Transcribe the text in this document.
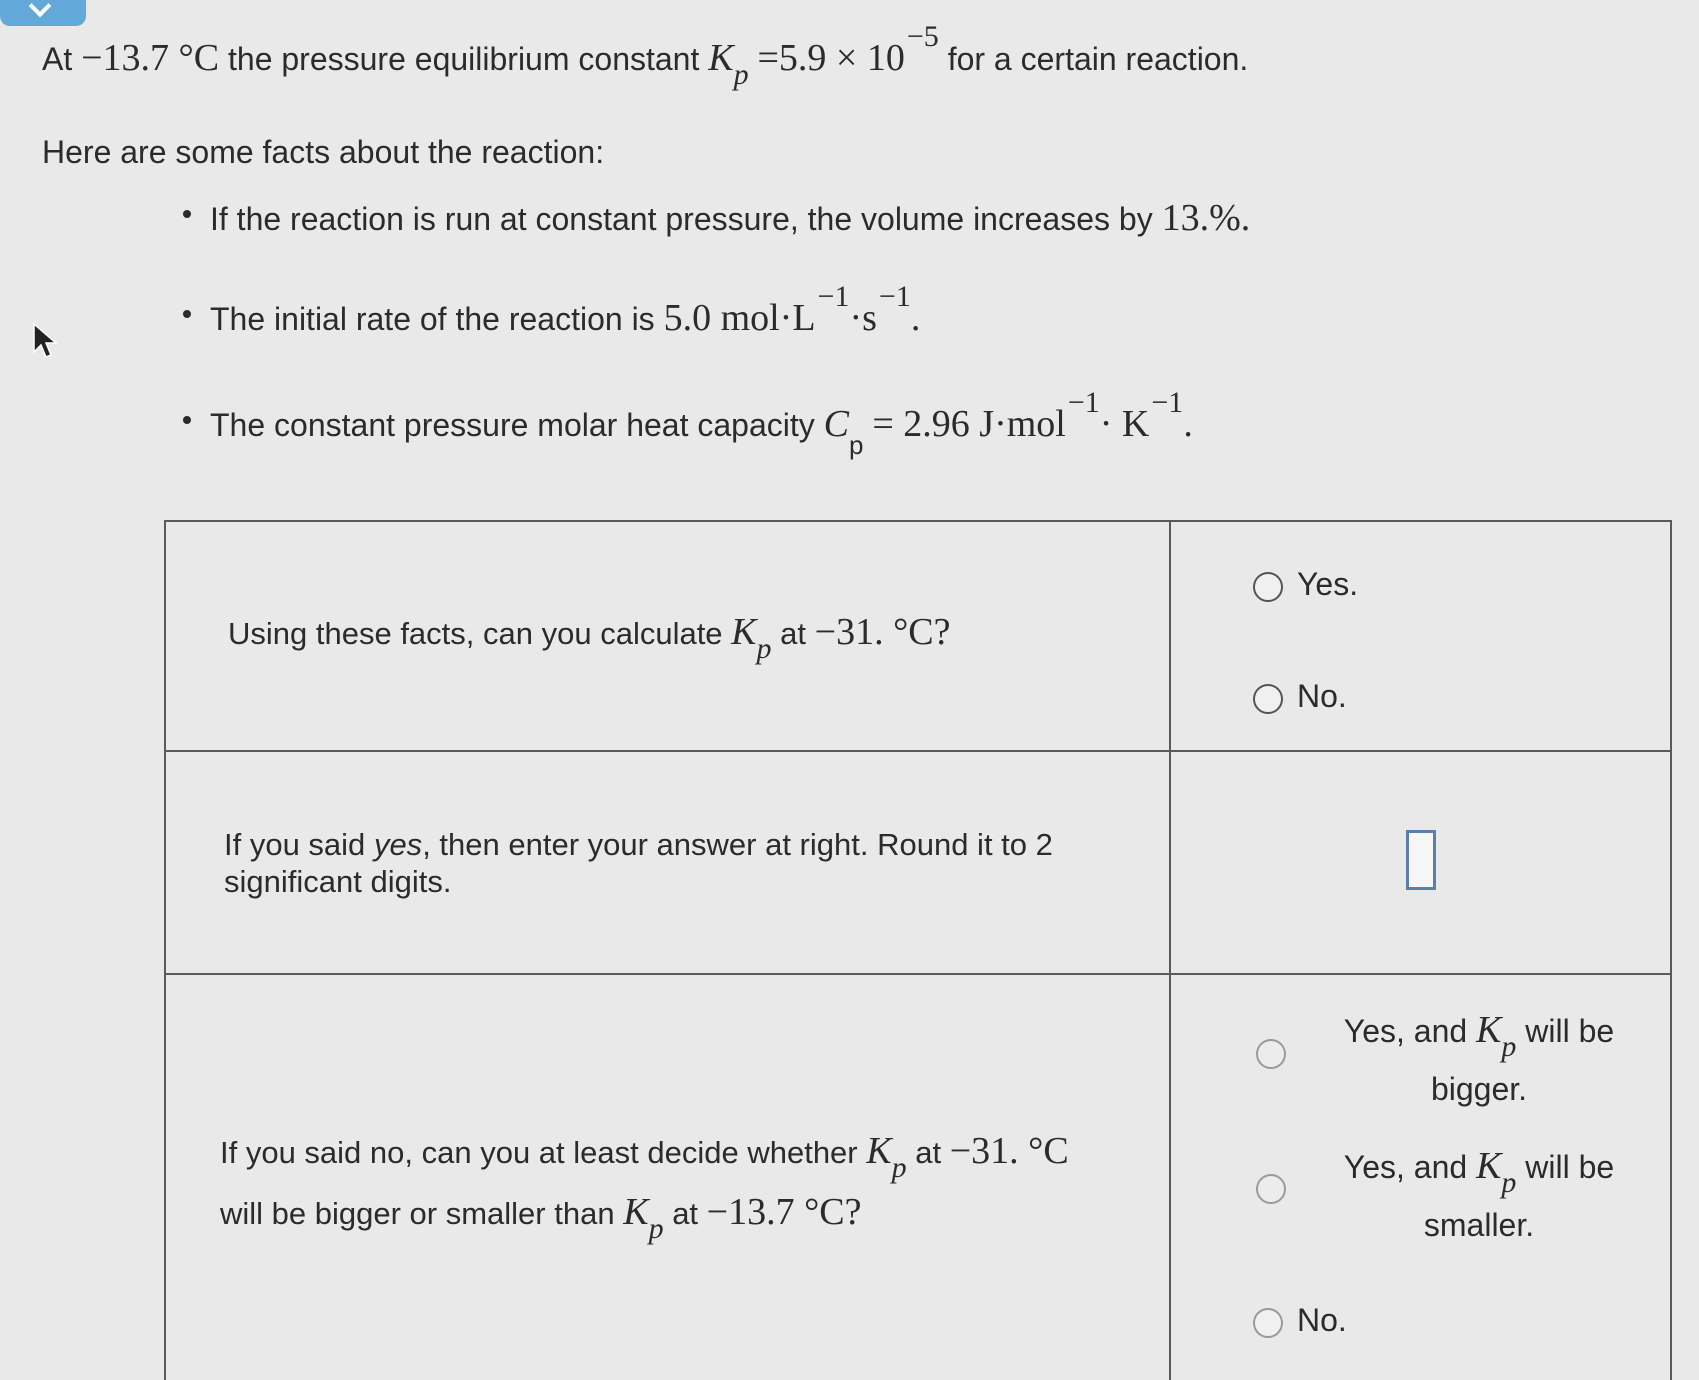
At −13.7 °C the pressure equilibrium constant Kp =5.9 × 10−5 for a certain reaction.
Here are some facts about the reaction:
If the reaction is run at constant pressure, the volume increases by 13.%.
The initial rate of the reaction is 5.0 mol·L−1·s−1.
The constant pressure molar heat capacity $C_p = 2.96$ J·mol−1· K−1.
Using these facts, can you calculate Kp at −31. °C?
Yes.
No.
If you said yes, then enter your answer at right. Round it to 2 significant digits.
If you said no, can you at least decide whether Kp at −31. °C will be bigger or smaller than Kp at −13.7 °C?
Yes, and Kp will be
bigger.
Yes, and Kp will be
smaller.
No.
